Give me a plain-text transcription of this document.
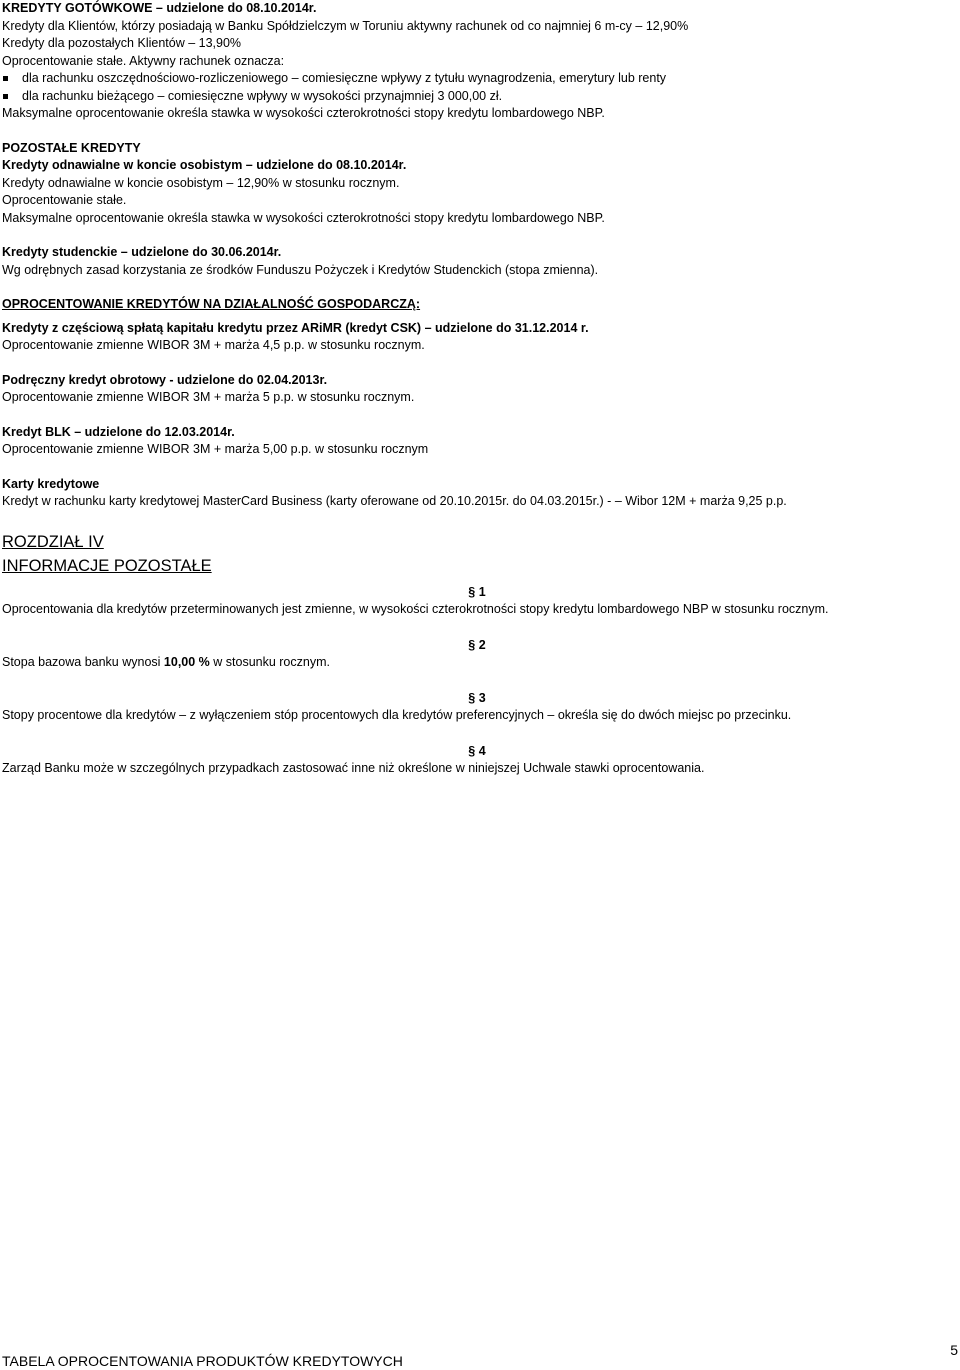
KREDYTY GOTÓWKOWE – udzielone do 08.10.2014r.
Kredyty dla Klientów, którzy posiadają w Banku Spółdzielczym w Toruniu aktywny rachunek od co najmniej 6 m-cy – 12,90%
Kredyty dla pozostałych Klientów – 13,90%
Oprocentowanie stałe. Aktywny rachunek oznacza:
dla rachunku oszczędnościowo-rozliczeniowego – comiesięczne wpływy z tytułu wynagrodzenia, emerytury lub renty
dla rachunku bieżącego – comiesięczne wpływy w wysokości przynajmniej 3 000,00 zł.
Maksymalne oprocentowanie określa stawka w wysokości czterokrotności stopy kredytu lombardowego NBP.
POZOSTAŁE KREDYTY
Kredyty odnawialne w koncie osobistym – udzielone do 08.10.2014r.
Kredyty odnawialne w koncie osobistym – 12,90% w stosunku rocznym.
Oprocentowanie stałe.
Maksymalne oprocentowanie określa stawka w wysokości czterokrotności stopy kredytu lombardowego NBP.
Kredyty studenckie – udzielone do 30.06.2014r.
Wg odrębnych zasad korzystania ze środków Funduszu Pożyczek i Kredytów Studenckich (stopa zmienna).
OPROCENTOWANIE KREDYTÓW NA DZIAŁALNOŚĆ GOSPODARCZĄ:
Kredyty z częściową spłatą kapitału kredytu przez ARiMR (kredyt CSK) – udzielone do 31.12.2014 r.
Oprocentowanie zmienne WIBOR 3M + marża 4,5 p.p. w stosunku rocznym.
Podręczny kredyt obrotowy - udzielone do 02.04.2013r.
Oprocentowanie zmienne WIBOR 3M + marża 5 p.p. w stosunku rocznym.
Kredyt BLK – udzielone do 12.03.2014r.
Oprocentowanie zmienne WIBOR 3M + marża 5,00 p.p. w stosunku rocznym
Karty kredytowe
Kredyt w rachunku karty kredytowej MasterCard Business (karty oferowane od 20.10.2015r. do 04.03.2015r.) - – Wibor 12M + marża 9,25 p.p.
ROZDZIAŁ IV
INFORMACJE POZOSTAŁE
§ 1
Oprocentowania dla kredytów przeterminowanych jest zmienne, w wysokości czterokrotności stopy kredytu lombardowego NBP w stosunku rocznym.
§ 2
Stopa bazowa banku wynosi 10,00 % w stosunku rocznym.
§ 3
Stopy procentowe dla kredytów – z wyłączeniem stóp procentowych dla kredytów preferencyjnych – określa się do dwóch miejsc po przecinku.
§ 4
Zarząd Banku może w szczególnych przypadkach zastosować inne niż określone w niniejszej Uchwale stawki oprocentowania.
TABELA OPROCENTOWANIA PRODUKTÓW KREDYTOWYCH
5
